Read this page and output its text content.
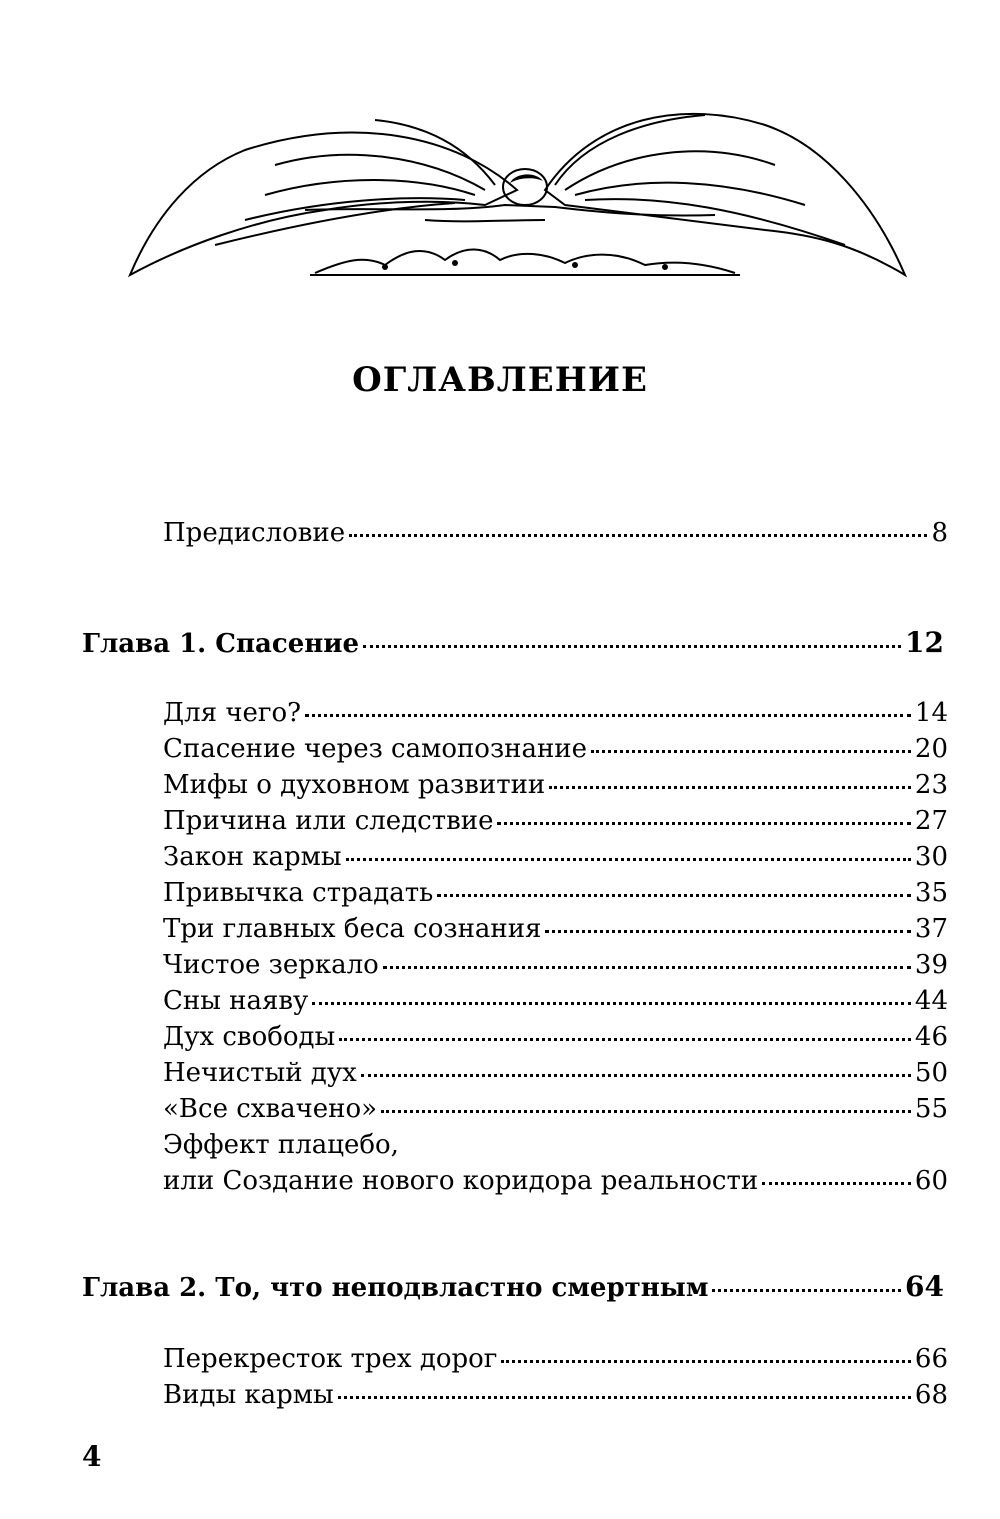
ОГЛАВЛЕНИЕ
Предисловие	8
Глава 1. Спасение	12
Для чего?	14
Спасение через самопознание	20
Мифы о духовном развитии	23
Причина или следствие	27
Закон кармы	30
Привычка страдать	35
Три главных беса сознания	37
Чистое зеркало	39
Сны наяву	44
Дух свободы	46
Нечистый дух	50
«Все схвачено»	55
Эффект плацебо,
или Создание нового коридора реальности	60
Глава 2. То, что неподвластно смертным	64
Перекресток трех дорог	66
Виды кармы	68
4
